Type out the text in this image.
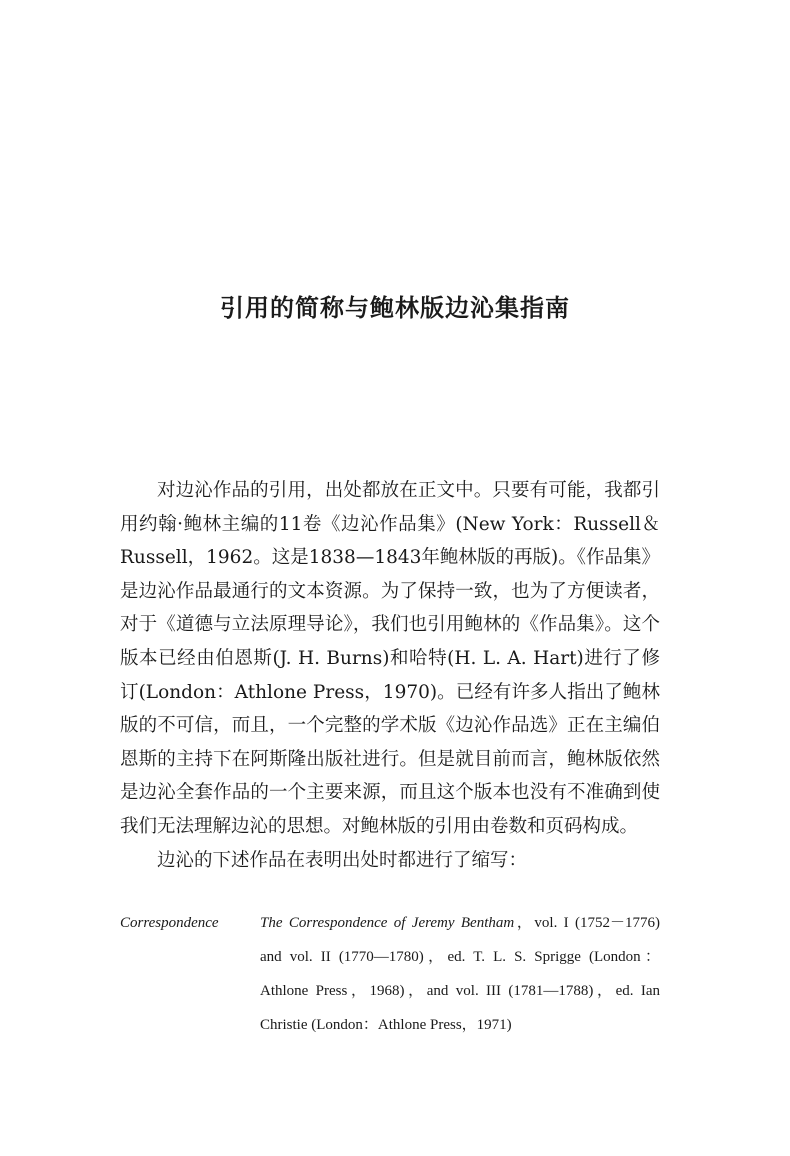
引用的简称与鲍林版边沁集指南

对边沁作品的引用，出处都放在正文中。只要有可能，我都引用约翰·鲍林主编的11卷《边沁作品集》(New York：Russell＆Russell，1962。这是1838—1843年鲍林版的再版)。《作品集》是边沁作品最通行的文本资源。为了保持一致，也为了方便读者，对于《道德与立法原理导论》，我们也引用鲍林的《作品集》。这个版本已经由伯恩斯(J. H. Burns)和哈特(H. L. A. Hart)进行了修订(London：Athlone Press，1970)。已经有许多人指出了鲍林版的不可信，而且，一个完整的学术版《边沁作品选》正在主编伯恩斯的主持下在阿斯隆出版社进行。但是就目前而言，鲍林版依然是边沁全套作品的一个主要来源，而且这个版本也没有不准确到使我们无法理解边沁的思想。对鲍林版的引用由卷数和页码构成。

边沁的下述作品在表明出处时都进行了缩写：

Correspondence	The Correspondence of Jeremy Bentham，vol. I (1752－1776) and vol. II (1770—1780)，ed. T. L. S. Sprigge (London：Athlone Press，1968)，and vol. III (1781—1788)，ed. Ian Christie (London：Athlone Press，1971)
